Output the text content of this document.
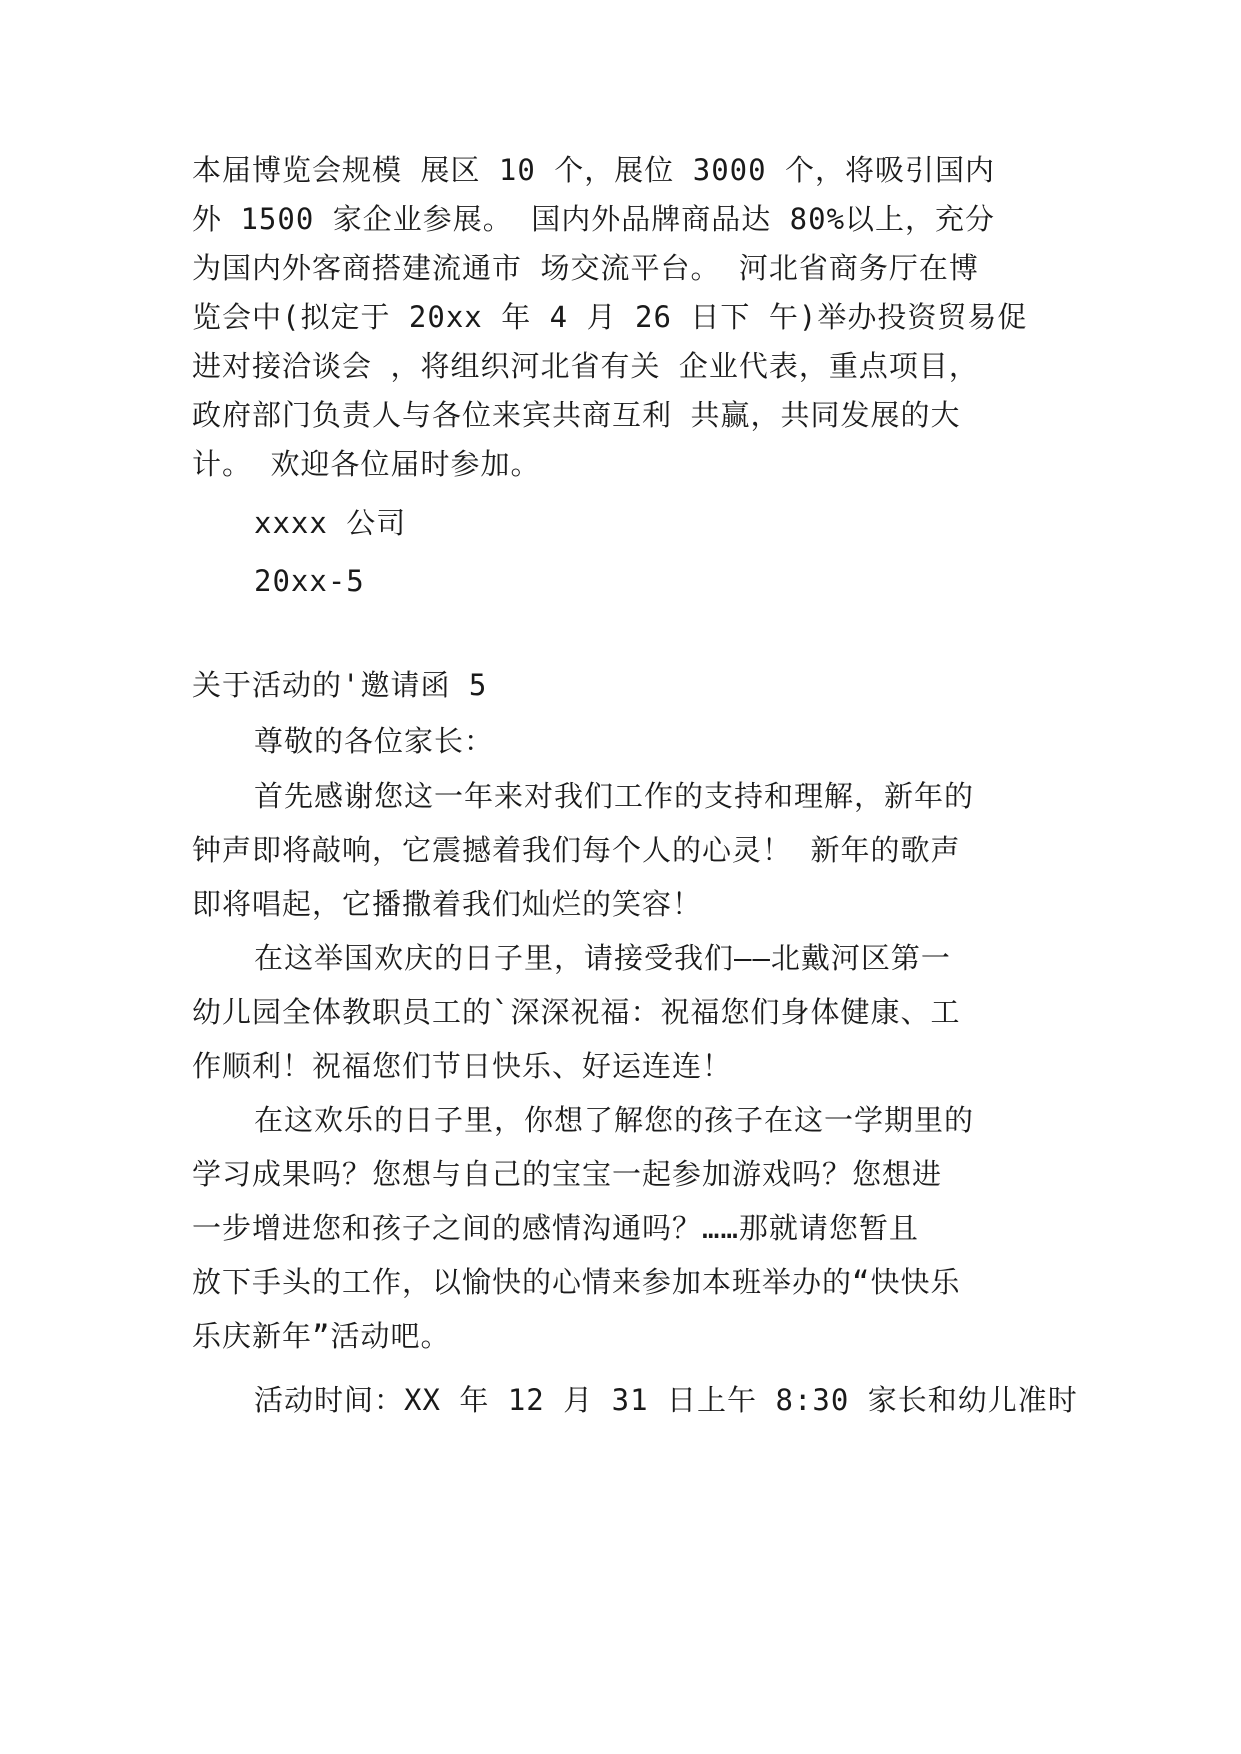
本届博览会规模 展区 10 个，展位 3000 个，将吸引国内
外 1500 家企业参展。 国内外品牌商品达 80%以上，充分
为国内外客商搭建流通市 场交流平台。 河北省商务厅在博
览会中(拟定于 20xx 年 4 月 26 日下 午)举办投资贸易促
进对接洽谈会 ，将组织河北省有关 企业代表，重点项目，
政府部门负责人与各位来宾共商互利 共赢，共同发展的大
计。 欢迎各位届时参加。
xxxx 公司
20xx-5
关于活动的'邀请函 5
尊敬的各位家长：
首先感谢您这一年来对我们工作的支持和理解，新年的
钟声即将敲响，它震撼着我们每个人的心灵！ 新年的歌声
即将唱起，它播撒着我们灿烂的笑容！
在这举国欢庆的日子里，请接受我们——北戴河区第一
幼儿园全体教职员工的`深深祝福：祝福您们身体健康、工
作顺利！祝福您们节日快乐、好运连连！
在这欢乐的日子里，你想了解您的孩子在这一学期里的
学习成果吗？您想与自己的宝宝一起参加游戏吗？您想进
一步增进您和孩子之间的感情沟通吗？……那就请您暂且
放下手头的工作，以愉快的心情来参加本班举办的“快快乐
乐庆新年”活动吧。
活动时间：XX 年 12 月 31 日上午 8:30 家长和幼儿准时
